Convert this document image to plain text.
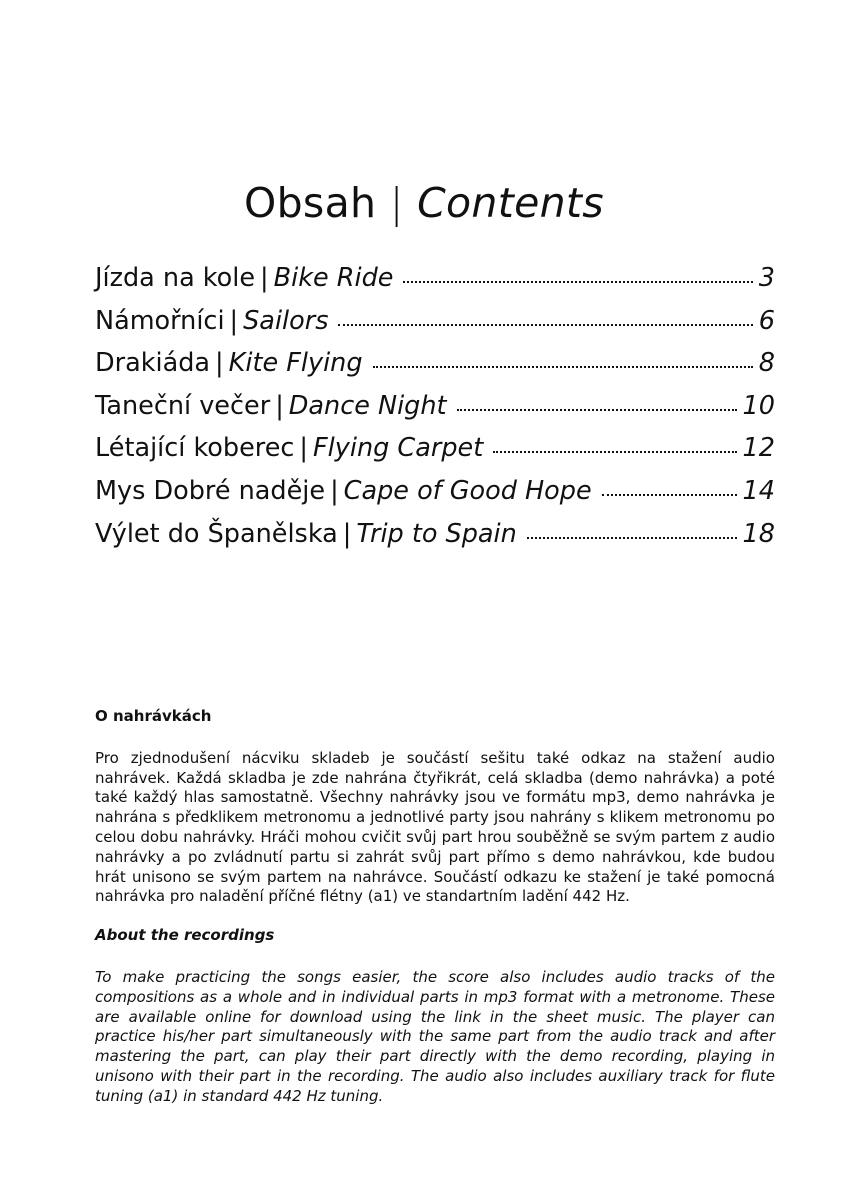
Obsah | Contents
Jízda na kole | Bike Ride	3
Námořníci | Sailors	6
Drakiáda | Kite Flying	8
Taneční večer | Dance Night	10
Létající koberec | Flying Carpet	12
Mys Dobré naděje | Cape of Good Hope	14
Výlet do Španělska | Trip to Spain	18
O nahrávkách

Pro zjednodušení nácviku skladeb je součástí sešitu také odkaz na stažení audio nahrávek. Každá skladba je zde nahrána čtyřikrát, celá skladba (demo nahrávka) a poté také každý hlas samostatně. Všechny nahrávky jsou ve formátu mp3, demo nahrávka je nahrána s předklikem metronomu a jednotlivé party jsou nahrány s klikem metronomu po celou dobu nahrávky. Hráči mohou cvičit svůj part hrou souběžně se svým partem z audio nahrávky a po zvládnutí partu si zahrát svůj part přímo s demo nahrávkou, kde budou hrát unisono se svým partem na nahrávce. Součástí odkazu ke stažení je také pomocná nahrávka pro naladění příčné flétny (a1) ve standartním ladění 442 Hz.

About the recordings

To make practicing the songs easier, the score also includes audio tracks of the compositions as a whole and in individual parts in mp3 format with a metronome. These are available online for download using the link in the sheet music. The player can practice his/her part simultaneously with the same part from the audio track and after mastering the part, can play their part directly with the demo recording, playing in unisono with their part in the recording. The audio also includes auxiliary track for flute tuning (a1) in standard 442 Hz tuning.
